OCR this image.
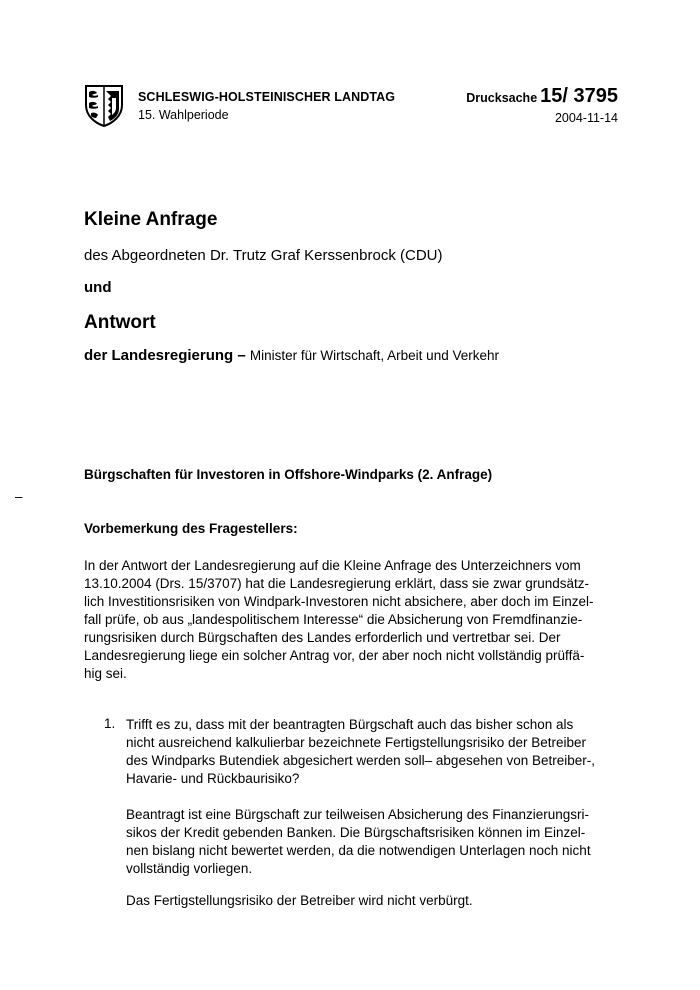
SCHLESWIG-HOLSTEINISCHER LANDTAG
15. Wahlperiode
Drucksache 15/ 3795
2004-11-14
Kleine Anfrage
des Abgeordneten Dr. Trutz Graf Kerssenbrock (CDU)
und
Antwort
der Landesregierung – Minister für Wirtschaft, Arbeit und Verkehr
Bürgschaften für Investoren in Offshore-Windparks (2. Anfrage)
–
Vorbemerkung des Fragestellers:
In der Antwort der Landesregierung auf die Kleine Anfrage des Unterzeichners vom
13.10.2004 (Drs. 15/3707) hat die Landesregierung erklärt, dass sie zwar grundsätz-
lich Investitionsrisiken von Windpark-Investoren nicht absichere, aber doch im Einzel-
fall prüfe, ob aus „landespolitischem Interesse“ die Absicherung von Fremdfinanzie-
rungsrisiken durch Bürgschaften des Landes erforderlich und vertretbar sei. Der
Landesregierung liege ein solcher Antrag vor, der aber noch nicht vollständig prüffä-
hig sei.
1. Trifft es zu, dass mit der beantragten Bürgschaft auch das bisher schon als
nicht ausreichend kalkulierbar bezeichnete Fertigstellungsrisiko der Betreiber
des Windparks Butendiek abgesichert werden soll– abgesehen von Betreiber-,
Havarie- und Rückbaurisiko?
Beantragt ist eine Bürgschaft zur teilweisen Absicherung des Finanzierungsri-
sikos der Kredit gebenden Banken. Die Bürgschaftsrisiken können im Einzel-
nen bislang nicht bewertet werden, da die notwendigen Unterlagen noch nicht
vollständig vorliegen.
Das Fertigstellungsrisiko der Betreiber wird nicht verbürgt.
